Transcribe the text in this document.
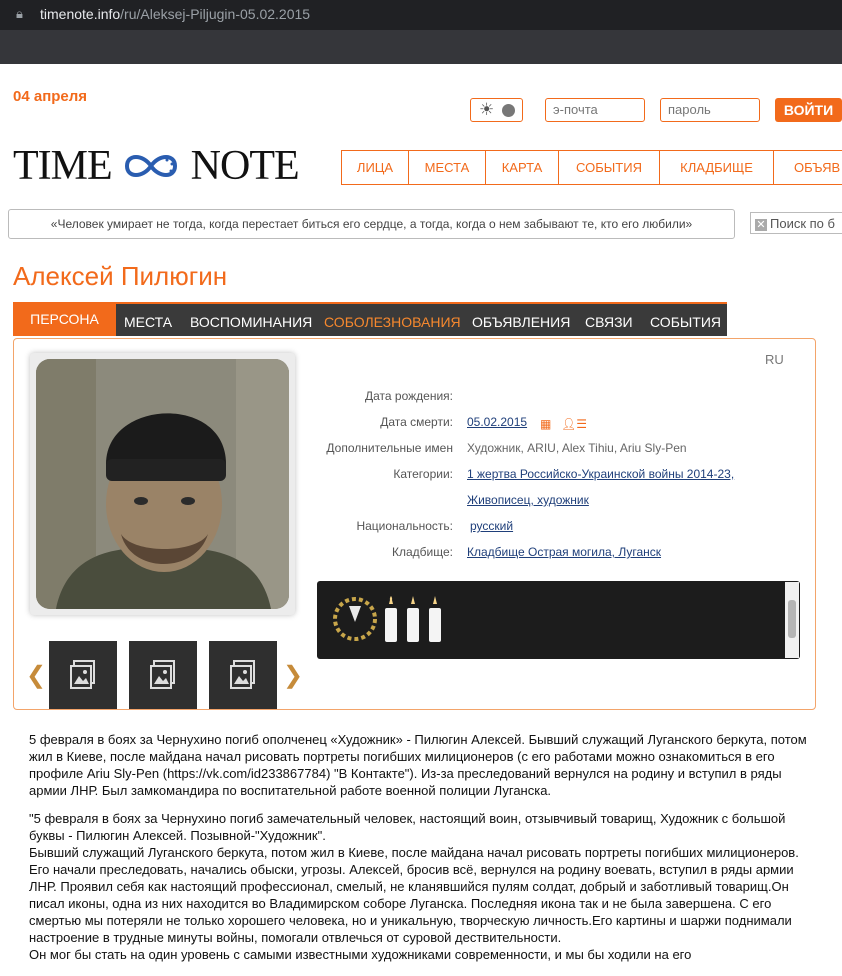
🔒︎ timenote.info/ru/Aleksej-Piljugin-05.02.2015
04 апреля
☀	э-почта	пароль	ВОЙТИ
TIME NOTE	ЛИЦА	МЕСТА	КАРТА	СОБЫТИЯ	КЛАДБИЩЕ	ОБЪЯВ
«Человек умирает не тогда, когда перестает биться его сердце, а тогда, когда о нем забывают те, кто его любили»	✕ Поиск по б
Алексей Пилюгин
ПЕРСОНА	МЕСТА ВОСПОМИНАНИЯ СОБОЛЕЗНОВАНИЯ ОБЪЯВЛЕНИЯ СВЯЗИ СОБЫТИЯ
❮	❯
RU
Дата рождения:
Дата смерти: 05.02.2015 ▦ 👤︎☰
Дополнительные имен Художник, ARIU, Alex Tihiu, Ariu Sly-Pen
Категории: 1 жертва Российско-Украинской войны 2014-23,
Живописец, художник
Национальность: русский
Кладбище: Кладбище Острая могила, Луганск

5 февраля в боях за Чернухино погиб ополченец «Художник» - Пилюгин Алексей. Бывший служащий Луганского беркута, потом жил в Киеве, после майдана начал рисовать портреты погибших милиционеров (с его работами можно ознакомиться в его профиле Ariu Sly-Pen (https://vk.com/id233867784) "В Контакте"). Из-за преследований вернулся на родину и вступил в ряды армии ЛНР. Был замкомандира по воспитательной работе военной полиции Луганска.

"5 февраля в боях за Чернухино погиб замечательный человек, настоящий воин, отзывчивый товарищ, Художник с большой буквы - Пилюгин Алексей. Позывной-"Художник".
Бывший служащий Луганского беркута, потом жил в Киеве, после майдана начал рисовать портреты погибших милиционеров. Его начали преследовать, начались обыски, угрозы. Алексей, бросив всё, вернулся на родину воевать, вступил в ряды армии ЛНР. Проявил себя как настоящий профессионал, смелый, не кланявшийся пулям солдат, добрый и заботливый товарищ.Он писал иконы, одна из них находится во Владимирском соборе Луганска. Последняя икона так и не была завершена. С его смертью мы потеряли не только хорошего человека, но и уникальную, творческую личность.Его картины и шаржи поднимали настроение в трудные минуты войны, помогали отвлечься от суровой дествительности.
Он мог бы стать на один уровень с самыми известными художниками современности, и мы бы ходили на его
